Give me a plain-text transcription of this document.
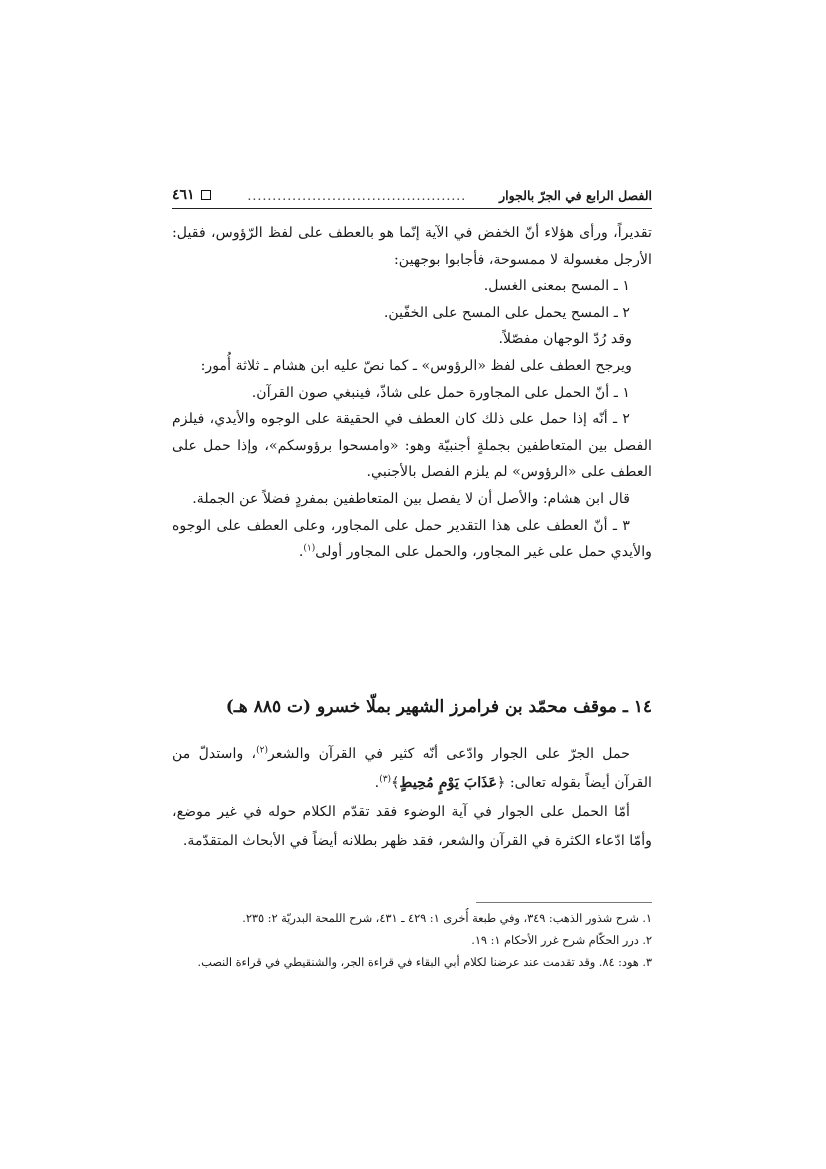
الفصل الرابع في الجرّ بالجوار
............................................
٤٦١

تقديراً، ورأى هؤلاء أنّ الخفض في الآية إنّما هو بالعطف على لفظ الرّؤوس، فقيل: الأرجل مغسولة لا ممسوحة، فأجابوا بوجهين:

١ ـ المسح بمعنى الغسل.

٢ ـ المسح يحمل على المسح على الخفّين.

وقد رُدّ الوجهان مفصّلاً.

ويرجح العطف على لفظ «الرؤوس» ـ كما نصّ عليه ابن هشام ـ ثلاثة أُمور:

١ ـ أنّ الحمل على المجاورة حمل على شاذّ، فينبغي صون القرآن.

٢ ـ أنّه إذا حمل على ذلك كان العطف في الحقيقة على الوجوه والأيدي، فيلزم الفصل بين المتعاطفين بجملةٍ أجنبيّة وهو: «وامسحوا برؤوسكم»، وإذا حمل على العطف على «الرؤوس» لم يلزم الفصل بالأجنبي.

قال ابن هشام: والأصل أن لا يفصل بين المتعاطفين بمفردٍ فضلاً عن الجملة.

٣ ـ أنّ العطف على هذا التقدير حمل على المجاور، وعلى العطف على الوجوه والأيدي حمل على غير المجاور، والحمل على المجاور أولى$^{(١)}$.

١٤ ـ موقف محمّد بن فرامرز الشهير بملّا خسرو (ت ٨٨٥ هـ)

حمل الجرّ على الجوار وادّعى أنّه كثير في القرآن والشعر$^{(٢)}$، واستدلّ من القرآن أيضاً بقوله تعالى: ﴿عَذَابَ يَوْمٍ مُحِيطٍ﴾$^{(٣)}$.

أمّا الحمل على الجوار في آية الوضوء فقد تقدّم الكلام حوله في غير موضع، وأمّا ادّعاء الكثرة في القرآن والشعر، فقد ظهر بطلانه أيضاً في الأبحاث المتقدّمة.

١. شرح شذور الذهب: ٣٤٩، وفي طبعة أُخرى ١: ٤٢٩ ـ ٤٣١، شرح اللمحة البدريّة ٢: ٢٣٥.

٢. درر الحكّام شرح غرر الأحكام ١: ١٩.

٣. هود: ٨٤. وقد تقدمت عند عرضنا لكلام أبي البقاء في قراءة الجر، والشنقيطي في قراءة النصب.
